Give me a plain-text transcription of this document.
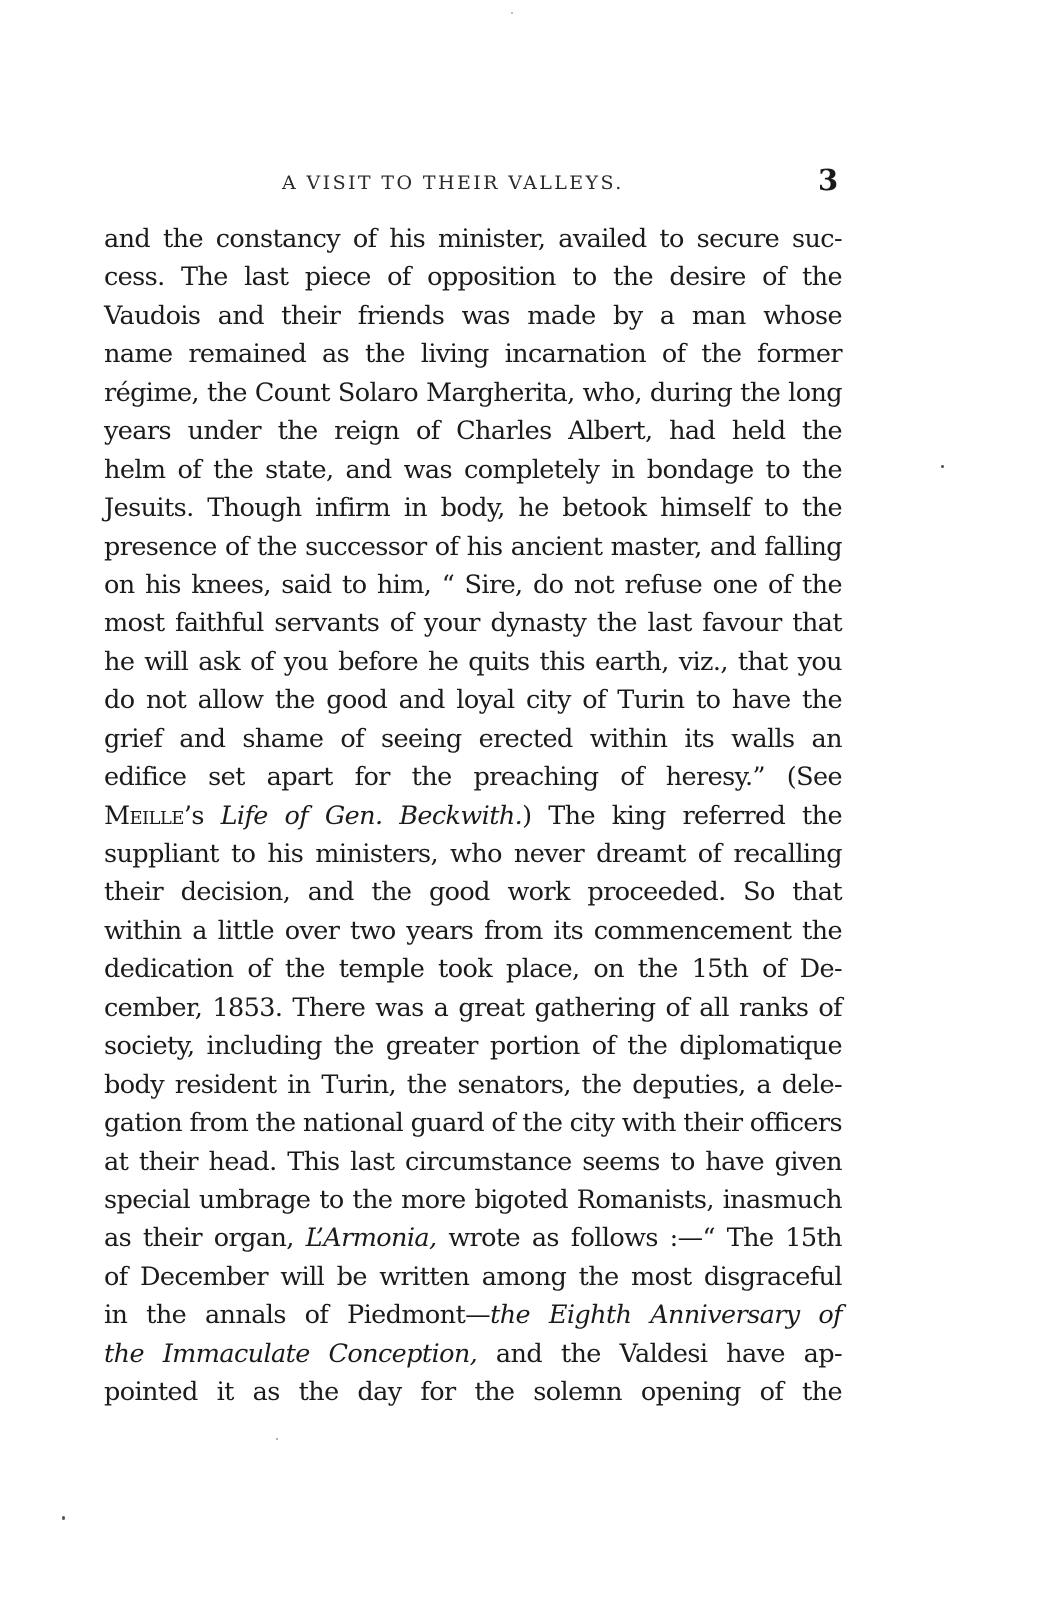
A VISIT TO THEIR VALLEYS.	3
and the constancy of his minister, availed to secure suc-
cess. The last piece of opposition to the desire of the
Vaudois and their friends was made by a man whose
name remained as the living incarnation of the former
régime, the Count Solaro Margherita, who, during the long
years under the reign of Charles Albert, had held the
helm of the state, and was completely in bondage to the
Jesuits. Though infirm in body, he betook himself to the
presence of the successor of his ancient master, and falling
on his knees, said to him, “ Sire, do not refuse one of the
most faithful servants of your dynasty the last favour that
he will ask of you before he quits this earth, viz., that you
do not allow the good and loyal city of Turin to have the
grief and shame of seeing erected within its walls an
edifice set apart for the preaching of heresy.” (See
Meille’s Life of Gen. Beckwith.) The king referred the
suppliant to his ministers, who never dreamt of recalling
their decision, and the good work proceeded. So that
within a little over two years from its commencement the
dedication of the temple took place, on the 15th of De-
cember, 1853. There was a great gathering of all ranks of
society, including the greater portion of the diplomatique
body resident in Turin, the senators, the deputies, a dele-
gation from the national guard of the city with their officers
at their head. This last circumstance seems to have given
special umbrage to the more bigoted Romanists, inasmuch
as their organ, L’Armonia, wrote as follows :—“ The 15th
of December will be written among the most disgraceful
in the annals of Piedmont—the Eighth Anniversary of
the Immaculate Conception, and the Valdesi have ap-
pointed it as the day for the solemn opening of the
